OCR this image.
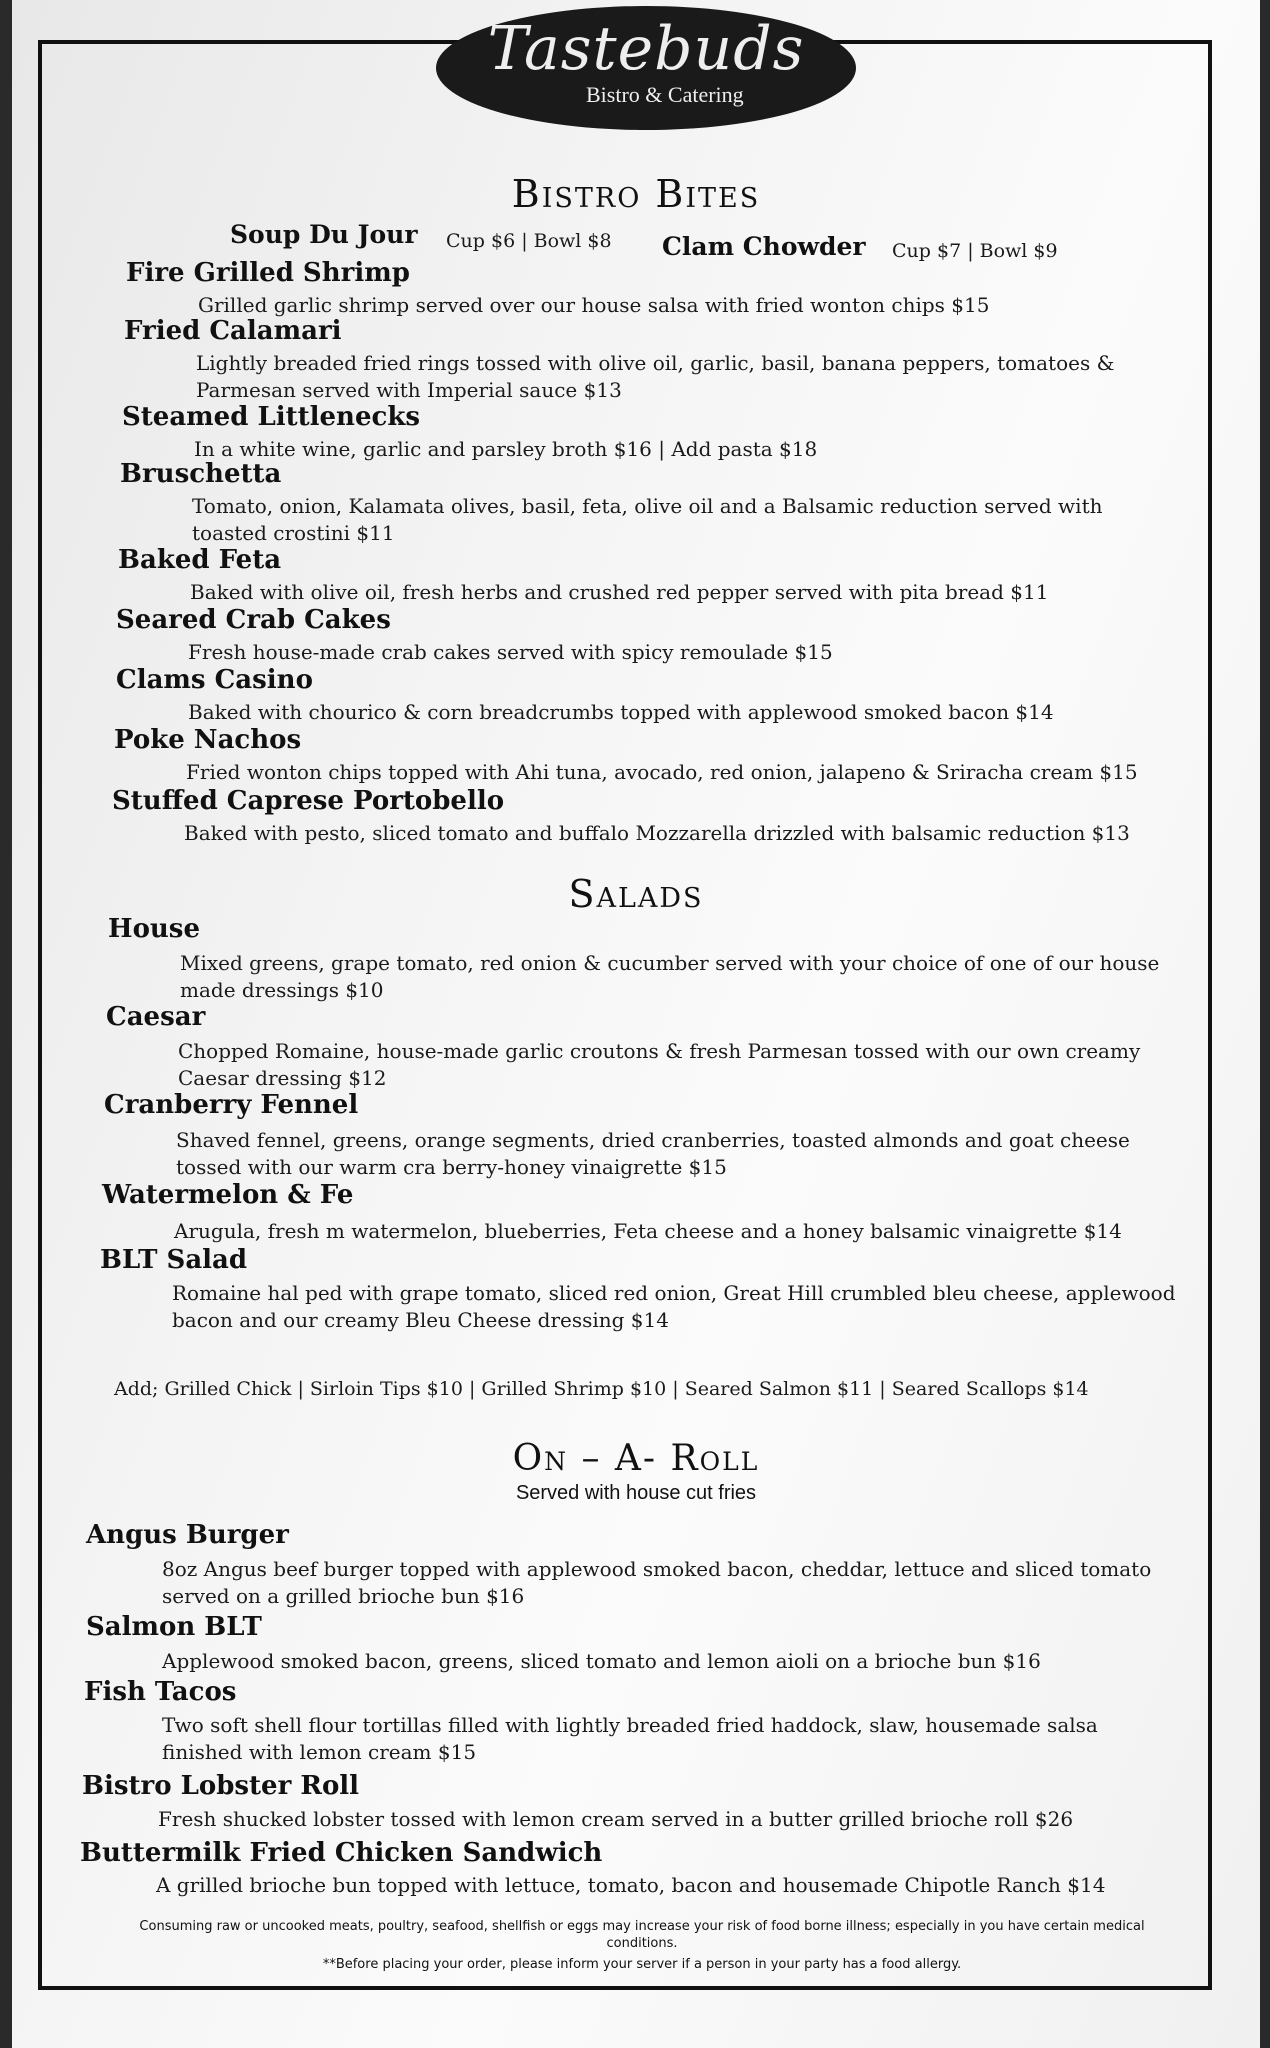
Tastebuds
Bistro & Catering
Bistro Bites
Soup Du Jour Cup $6 | Bowl $8 Clam Chowder Cup $7 | Bowl $9
Fire Grilled Shrimp
Grilled garlic shrimp served over our house salsa with fried wonton chips $15
Fried Calamari
Lightly breaded fried rings tossed with olive oil, garlic, basil, banana peppers, tomatoes & Parmesan served with Imperial sauce $13
Steamed Littlenecks
In a white wine, garlic and parsley broth $16 | Add pasta $18
Bruschetta
Tomato, onion, Kalamata olives, basil, feta, olive oil and a Balsamic reduction served with toasted crostini $11
Baked Feta
Baked with olive oil, fresh herbs and crushed red pepper served with pita bread $11
Seared Crab Cakes
Fresh house-made crab cakes served with spicy remoulade $15
Clams Casino
Baked with chourico & corn breadcrumbs topped with applewood smoked bacon $14
Poke Nachos
Fried wonton chips topped with Ahi tuna, avocado, red onion, jalapeno & Sriracha cream $15
Stuffed Caprese Portobello
Baked with pesto, sliced tomato and buffalo Mozzarella drizzled with balsamic reduction $13
Salads
House
Mixed greens, grape tomato, red onion & cucumber served with your choice of one of our house made dressings $10
Caesar
Chopped Romaine, house-made garlic croutons & fresh Parmesan tossed with our own creamy Caesar dressing $12
Cranberry Fennel
Shaved fennel, greens, orange segments, dried cranberries, toasted almonds and goat cheese tossed with our warm cra berry-honey vinaigrette $15
Watermelon & Fe
Arugula, fresh m watermelon, blueberries, Feta cheese and a honey balsamic vinaigrette $14
BLT Salad
Romaine hal ped with grape tomato, sliced red onion, Great Hill crumbled bleu cheese, applewood bacon and our creamy Bleu Cheese dressing $14
Add; Grilled Chick | Sirloin Tips $10 | Grilled Shrimp $10 | Seared Salmon $11 | Seared Scallops $14
On – A- Roll
Served with house cut fries
Angus Burger
8oz Angus beef burger topped with applewood smoked bacon, cheddar, lettuce and sliced tomato served on a grilled brioche bun $16
Salmon BLT
Applewood smoked bacon, greens, sliced tomato and lemon aioli on a brioche bun $16
Fish Tacos
Two soft shell flour tortillas filled with lightly breaded fried haddock, slaw, housemade salsa finished with lemon cream $15
Bistro Lobster Roll
Fresh shucked lobster tossed with lemon cream served in a butter grilled brioche roll $26
Buttermilk Fried Chicken Sandwich
A grilled brioche bun topped with lettuce, tomato, bacon and housemade Chipotle Ranch $14
Consuming raw or uncooked meats, poultry, seafood, shellfish or eggs may increase your risk of food borne illness; especially in you have certain medical conditions.
**Before placing your order, please inform your server if a person in your party has a food allergy.
